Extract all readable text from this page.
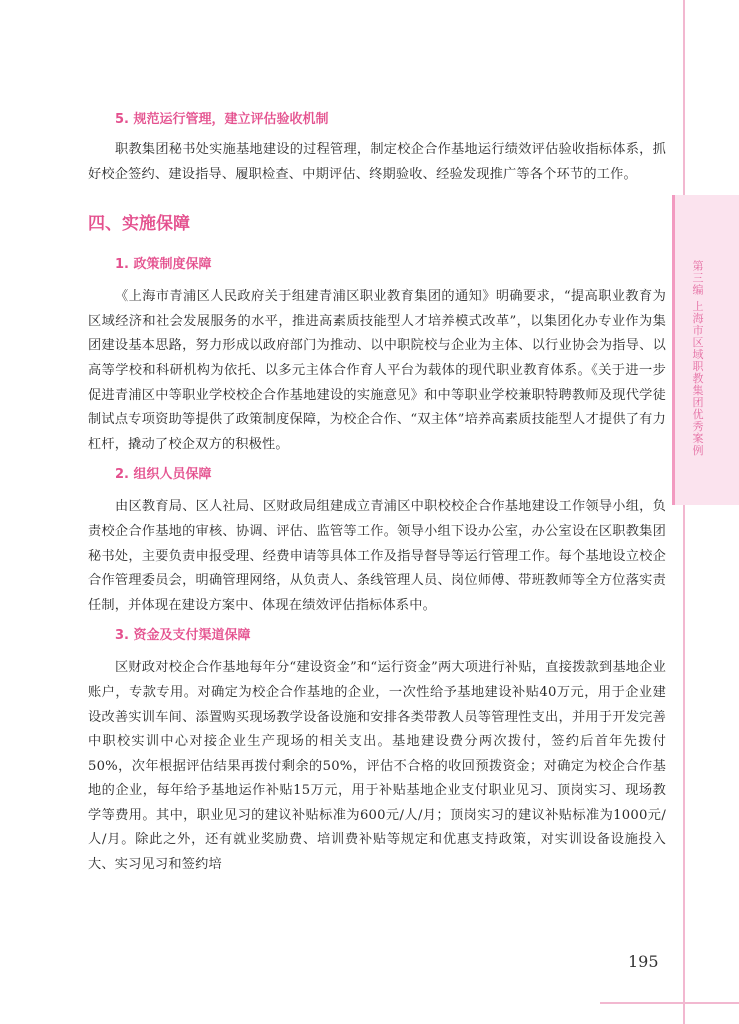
第三编 上海市区域职教集团优秀案例
5. 规范运行管理，建立评估验收机制

职教集团秘书处实施基地建设的过程管理，制定校企合作基地运行绩效评估验收指标体系，抓好校企签约、建设指导、履职检查、中期评估、终期验收、经验发现推广等各个环节的工作。

四、实施保障
1. 政策制度保障

《上海市青浦区人民政府关于组建青浦区职业教育集团的通知》明确要求，“提高职业教育为区域经济和社会发展服务的水平，推进高素质技能型人才培养模式改革”，以集团化办专业作为集团建设基本思路，努力形成以政府部门为推动、以中职院校与企业为主体、以行业协会为指导、以高等学校和科研机构为依托、以多元主体合作育人平台为载体的现代职业教育体系。《关于进一步促进青浦区中等职业学校校企合作基地建设的实施意见》和中等职业学校兼职特聘教师及现代学徒制试点专项资助等提供了政策制度保障，为校企合作、“双主体”培养高素质技能型人才提供了有力杠杆，撬动了校企双方的积极性。

2. 组织人员保障

由区教育局、区人社局、区财政局组建成立青浦区中职校校企合作基地建设工作领导小组，负责校企合作基地的审核、协调、评估、监管等工作。领导小组下设办公室，办公室设在区职教集团秘书处，主要负责申报受理、经费申请等具体工作及指导督导等运行管理工作。每个基地设立校企合作管理委员会，明确管理网络，从负责人、条线管理人员、岗位师傅、带班教师等全方位落实责任制，并体现在建设方案中、体现在绩效评估指标体系中。

3. 资金及支付渠道保障

区财政对校企合作基地每年分“建设资金”和“运行资金”两大项进行补贴，直接拨款到基地企业账户，专款专用。对确定为校企合作基地的企业，一次性给予基地建设补贴40万元，用于企业建设改善实训车间、添置购买现场教学设备设施和安排各类带教人员等管理性支出，并用于开发完善中职校实训中心对接企业生产现场的相关支出。基地建设费分两次拨付，签约后首年先拨付50%，次年根据评估结果再拨付剩余的50%，评估不合格的收回预拨资金；对确定为校企合作基地的企业，每年给予基地运作补贴15万元，用于补贴基地企业支付职业见习、顶岗实习、现场教学等费用。其中，职业见习的建议补贴标准为600元/人/月；顶岗实习的建议补贴标准为1000元/人/月。除此之外，还有就业奖励费、培训费补贴等规定和优惠支持政策，对实训设备设施投入大、实习见习和签约培

195
